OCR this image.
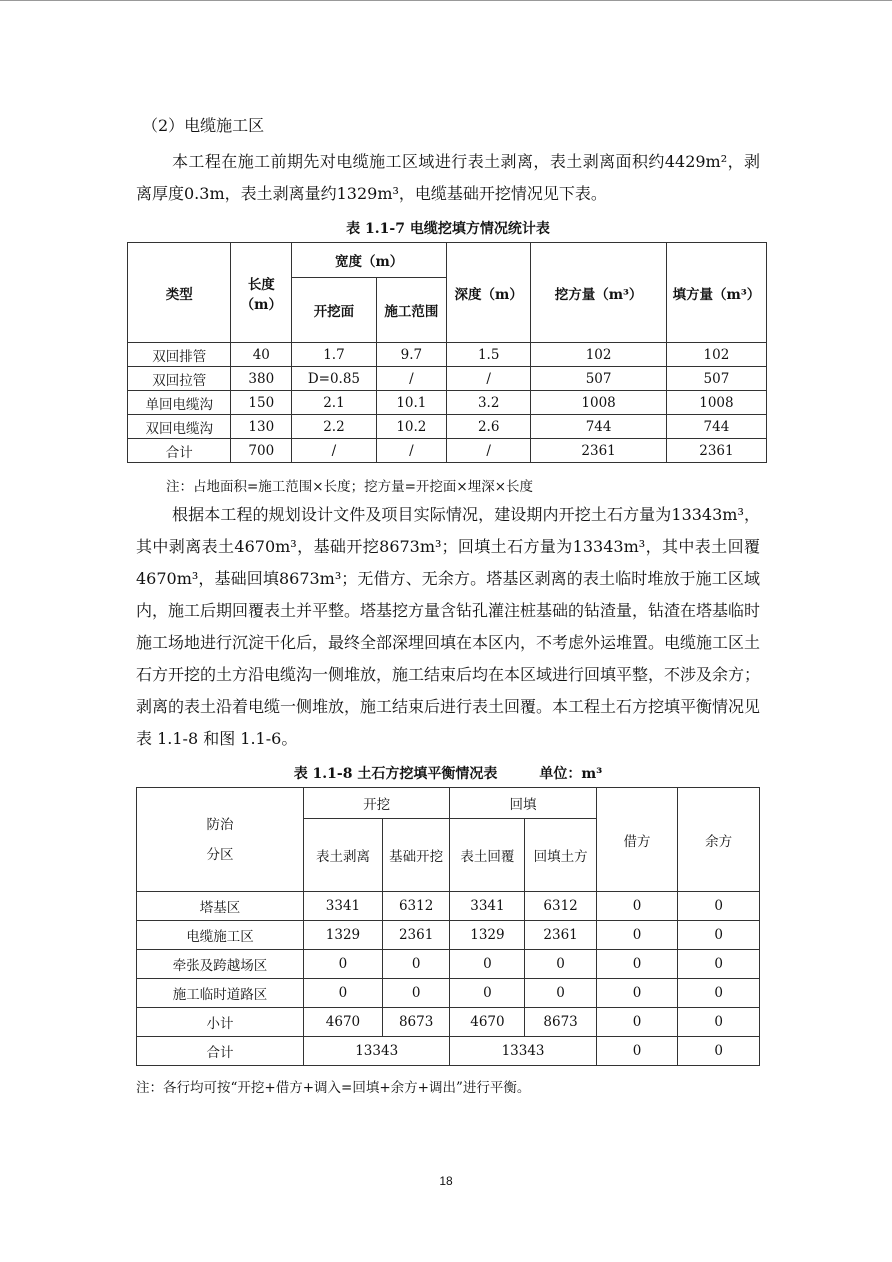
（2）电缆施工区

本工程在施工前期先对电缆施工区域进行表土剥离，表土剥离面积约4429m²，剥离厚度0.3m，表土剥离量约1329m³，电缆基础开挖情况见下表。

表 1.1-7 电缆挖填方情况统计表
类型	长度（m）	宽度（m）		深度（m）	挖方量（m³）	填方量（m³）
		开挖面	施工范围			
双回排管	40	1.7	9.7	1.5	102	102
双回拉管	380	D=0.85	/	/	507	507
单回电缆沟	150	2.1	10.1	3.2	1008	1008
双回电缆沟	130	2.2	10.2	2.6	744	744
合计	700	/	/	/	2361	2361
注：占地面积=施工范围×长度；挖方量=开挖面×埋深×长度

根据本工程的规划设计文件及项目实际情况，建设期内开挖土石方量为13343m³，其中剥离表土4670m³，基础开挖8673m³；回填土石方量为13343m³，其中表土回覆4670m³，基础回填8673m³；无借方、无余方。塔基区剥离的表土临时堆放于施工区域内，施工后期回覆表土并平整。塔基挖方量含钻孔灌注桩基础的钻渣量，钻渣在塔基临时施工场地进行沉淀干化后，最终全部深埋回填在本区内，不考虑外运堆置。电缆施工区土石方开挖的土方沿电缆沟一侧堆放，施工结束后均在本区域进行回填平整，不涉及余方；剥离的表土沿着电缆一侧堆放，施工结束后进行表土回覆。本工程土石方挖填平衡情况见表 1.1-8 和图 1.1-6。

表 1.1-8 土石方挖填平衡情况表　　　单位：m³
防治
分区	开挖		回填		借方	余方
	表土剥离	基础开挖	表土回覆	回填土方		
塔基区	3341	6312	3341	6312	0	0
电缆施工区	1329	2361	1329	2361	0	0
牵张及跨越场区	0	0	0	0	0	0
施工临时道路区	0	0	0	0	0	0
小计	4670	8673	4670	8673	0	0
合计	13343		13343		0	0
注：各行均可按“开挖+借方+调入=回填+余方+调出”进行平衡。
18
